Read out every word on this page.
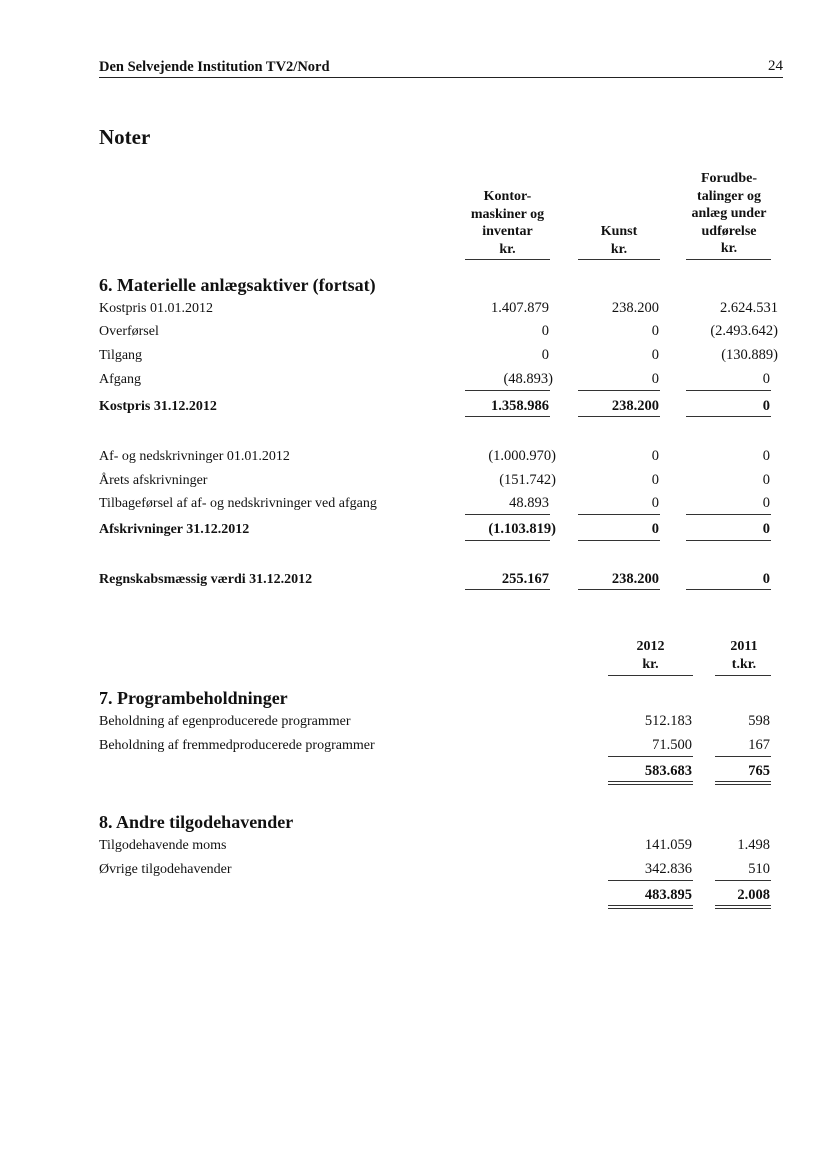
Den Selvejende Institution TV2/Nord	24
Noter
Kontor-
maskiner og
inventar
kr.
Kunst
kr.
Forudbe-
talinger og
anlæg under
udførelse
kr.
6. Materielle anlægsaktiver (fortsat)
Kostpris 01.01.2012	1.407.879	238.200	2.624.531
Overførsel	0	0	(2.493.642)
Tilgang	0	0	(130.889)
Afgang	(48.893)	0	0
Kostpris 31.12.2012	1.358.986	238.200	0
Af- og nedskrivninger 01.01.2012	(1.000.970)	0	0
Årets afskrivninger	(151.742)	0	0
Tilbageførsel af af- og nedskrivninger ved afgang	48.893	0	0
Afskrivninger 31.12.2012	(1.103.819)	0	0
Regnskabsmæssig værdi 31.12.2012	255.167	238.200	0
2012
kr.
2011
t.kr.
7. Programbeholdninger
Beholdning af egenproducerede programmer	512.183	598
Beholdning af fremmedproducerede programmer	71.500	167
583.683	765
8. Andre tilgodehavender
Tilgodehavende moms	141.059	1.498
Øvrige tilgodehavender	342.836	510
483.895	2.008
